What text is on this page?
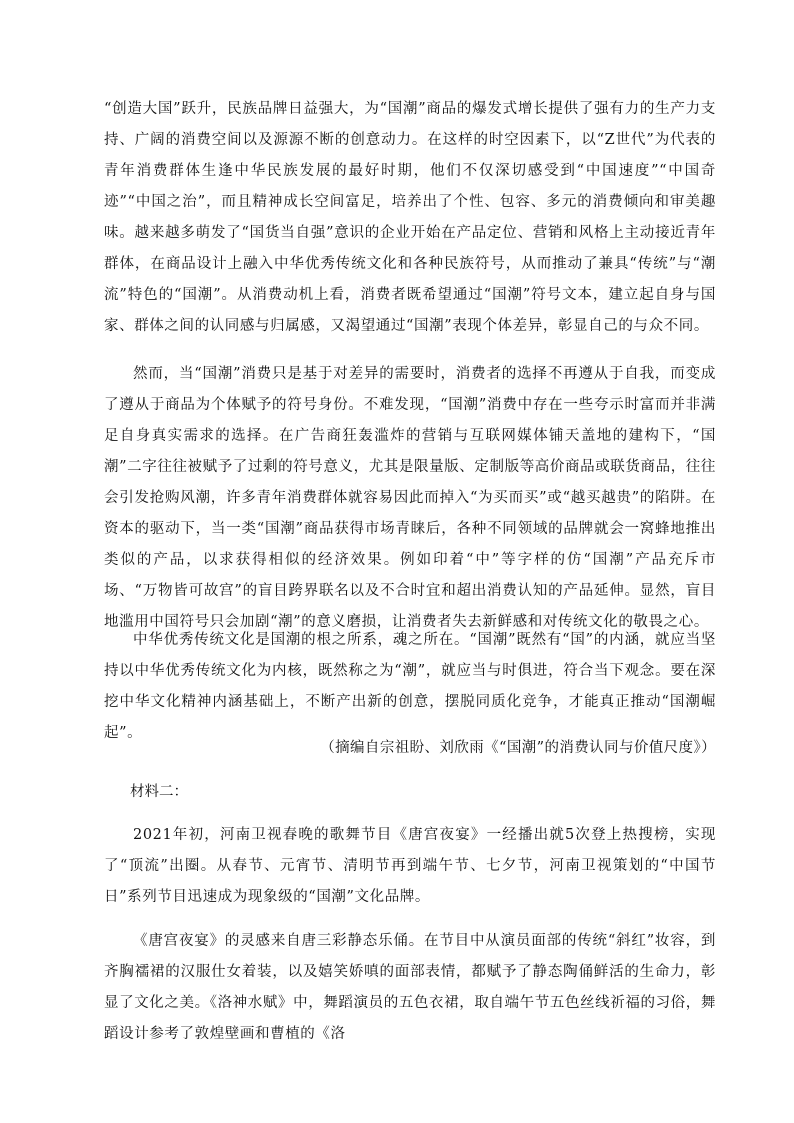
“创造大国”跃升，民族品牌日益强大，为“国潮”商品的爆发式增长提供了强有力的生产力支持、广阔的消费空间以及源源不断的创意动力。在这样的时空因素下，以“Z世代”为代表的青年消费群体生逢中华民族发展的最好时期，他们不仅深切感受到“中国速度”“中国奇迹”“中国之治”，而且精神成长空间富足，培养出了个性、包容、多元的消费倾向和审美趣味。越来越多萌发了“国货当自强”意识的企业开始在产品定位、营销和风格上主动接近青年群体，在商品设计上融入中华优秀传统文化和各种民族符号，从而推动了兼具“传统”与“潮流”特色的“国潮”。从消费动机上看，消费者既希望通过“国潮”符号文本，建立起自身与国家、群体之间的认同感与归属感，又渴望通过“国潮”表现个体差异，彰显自己的与众不同。

然而，当“国潮”消费只是基于对差异的需要时，消费者的选择不再遵从于自我，而变成了遵从于商品为个体赋予的符号身份。不难发现，“国潮”消费中存在一些夸示时富而并非满足自身真实需求的选择。在广告商狂轰滥炸的营销与互联网媒体铺天盖地的建构下，“国潮”二字往往被赋予了过剩的符号意义，尤其是限量版、定制版等高价商品或联货商品，往往会引发抢购风潮，许多青年消费群体就容易因此而掉入“为买而买”或“越买越贵”的陷阱。在资本的驱动下，当一类“国潮”商品获得市场青睐后，各种不同领域的品牌就会一窝蜂地推出类似的产品，以求获得相似的经济效果。例如印着“中”等字样的仿“国潮”产品充斥市场、“万物皆可故宫”的盲目跨界联名以及不合时宜和超出消费认知的产品延伸。显然，盲目地滥用中国符号只会加剧“潮”的意义磨损，让消费者失去新鲜感和对传统文化的敬畏之心。

中华优秀传统文化是国潮的根之所系，魂之所在。“国潮”既然有“国”的内涵，就应当坚持以中华优秀传统文化为内核，既然称之为“潮”，就应当与时俱进，符合当下观念。要在深挖中华文化精神内涵基础上，不断产出新的创意，摆脱同质化竞争，才能真正推动“国潮崛起”。

（摘编自宗祖盼、刘欣雨《“国潮”的消费认同与价值尺度》）

材料二：

2021年初，河南卫视春晚的歌舞节目《唐宫夜宴》一经播出就5次登上热搜榜，实现了“顶流”出圈。从春节、元宵节、清明节再到端午节、七夕节，河南卫视策划的“中国节日”系列节目迅速成为现象级的“国潮”文化品牌。

《唐宫夜宴》的灵感来自唐三彩静态乐俑。在节目中从演员面部的传统“斜红”妆容，到齐胸襦裙的汉服仕女着装，以及嬉笑娇嗔的面部表情，都赋予了静态陶俑鲜活的生命力，彰显了文化之美。《洛神水赋》中，舞蹈演员的五色衣裙，取自端午节五色丝线祈福的习俗，舞蹈设计参考了敦煌壁画和曹植的《洛
